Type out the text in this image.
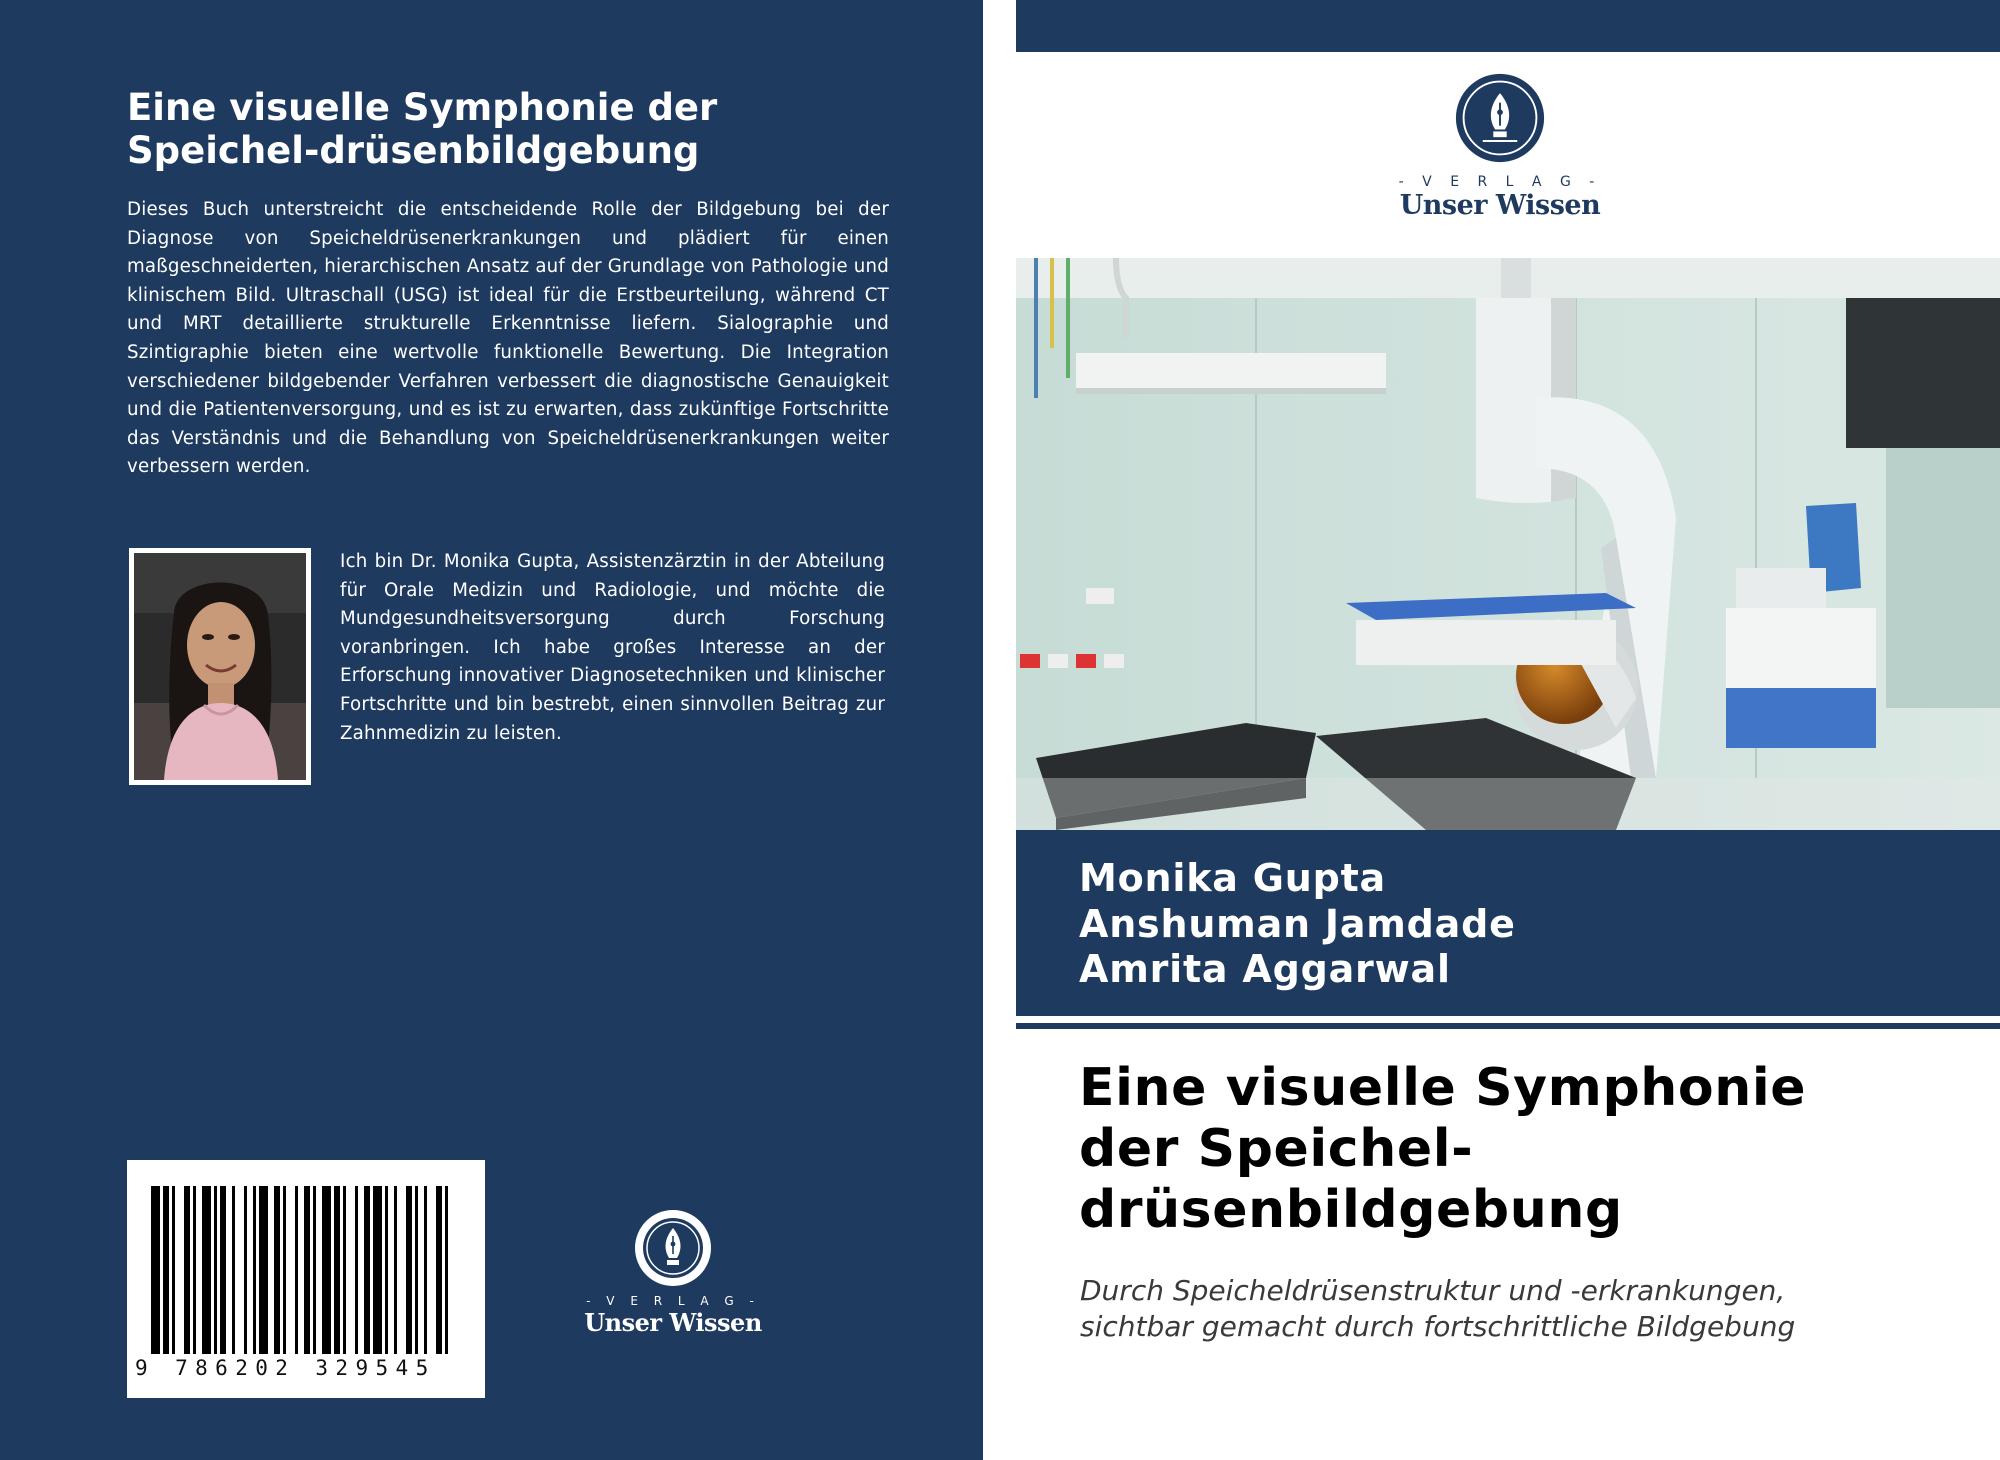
Eine visuelle Symphonie der
Speichel-drüsenbildgebung

Dieses Buch unterstreicht die entscheidende Rolle der Bildgebung bei der Diagnose von Speicheldrüsenerkrankungen und plädiert für einen maßgeschneiderten, hierarchischen Ansatz auf der Grundlage von Pathologie und klinischem Bild. Ultraschall (USG) ist ideal für die Erstbeurteilung, während CT und MRT detaillierte strukturelle Erkenntnisse liefern. Sialographie und Szintigraphie bieten eine wertvolle funktionelle Bewertung. Die Integration verschiedener bildgebender Verfahren verbessert die diagnostische Genauigkeit und die Patientenversorgung, und es ist zu erwarten, dass zukünftige Fortschritte das Verständnis und die Behandlung von Speicheldrüsenerkrankungen weiter verbessern werden.

Ich bin Dr. Monika Gupta, Assistenzärztin in der Abteilung für Orale Medizin und Radiologie, und möchte die Mundgesundheitsversorgung durch Forschung voranbringen. Ich habe großes Interesse an der Erforschung innovativer Diagnosetechniken und klinischer Fortschritte und bin bestrebt, einen sinnvollen Beitrag zur Zahnmedizin zu leisten.

9 786202 329545
- V E R L A G -
Unser Wissen
- V E R L A G -
Unser Wissen
Monika Gupta
Anshuman Jamdade
Amrita Aggarwal
Eine visuelle Symphonie
der Speichel-
drüsenbildgebung
Durch Speicheldrüsenstruktur und -erkrankungen,
sichtbar gemacht durch fortschrittliche Bildgebung
